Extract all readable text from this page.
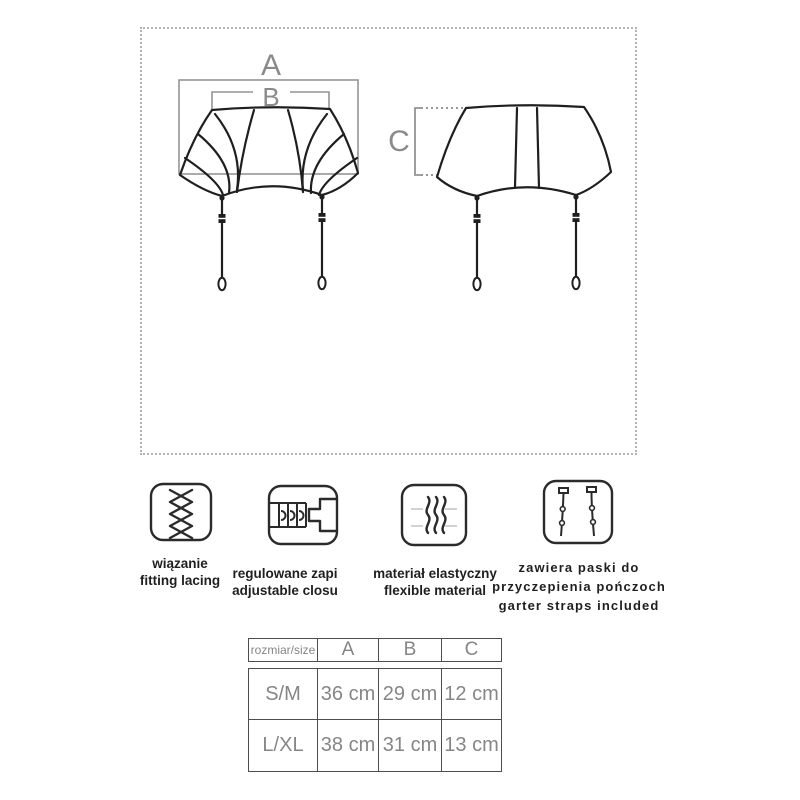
A
B
C
wiązanie
fitting lacing regulowane zapi
adjustable closu
materiał elastyczny
flexible material
zawiera paski do
przyczepienia pończoch
garter straps included
rozmiar/size	A	B	C
S/M 36 cm 29 cm 12 cm
L/XL 38 cm 31 cm 13 cm
